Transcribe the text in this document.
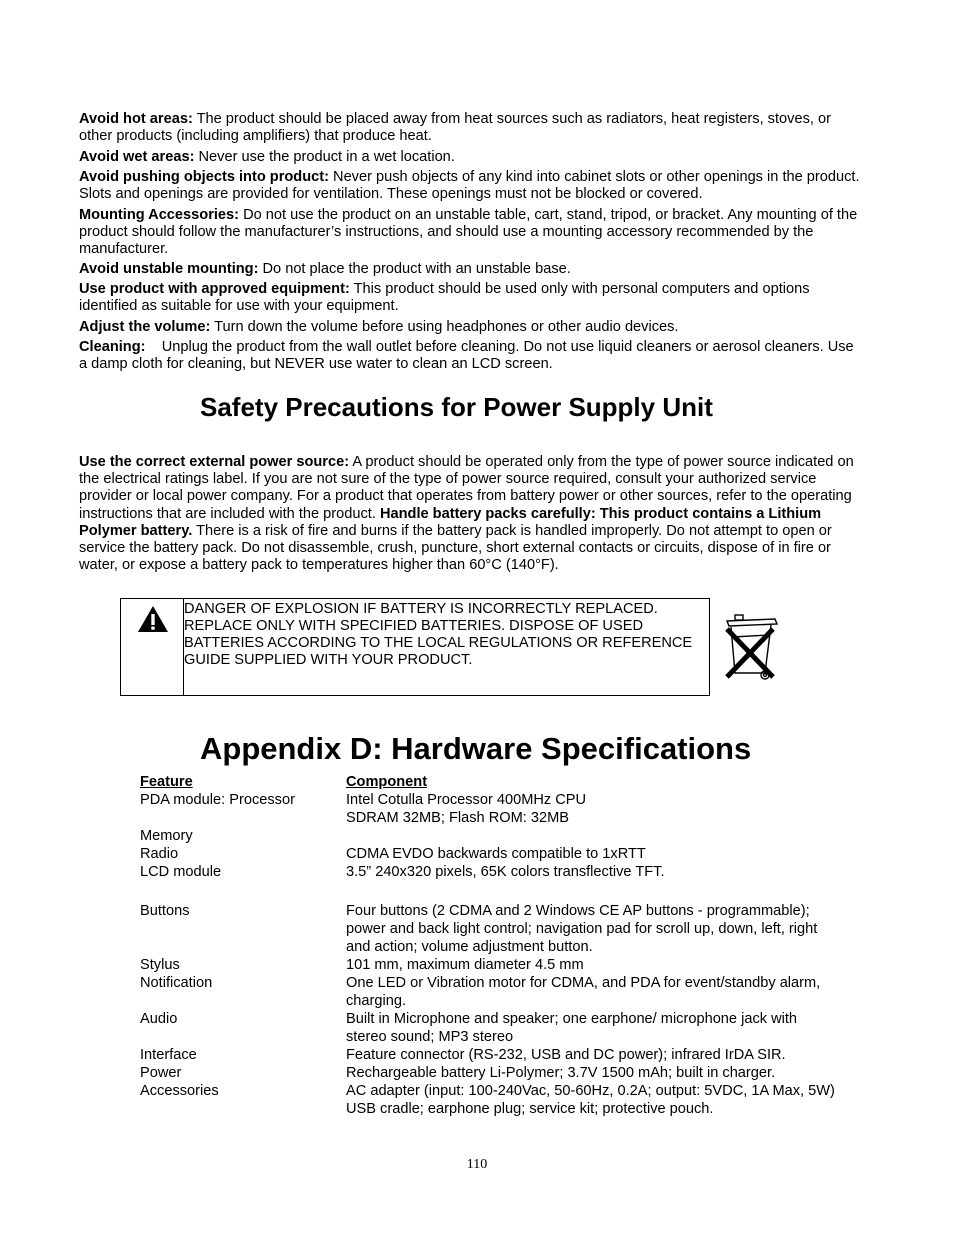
Avoid hot areas: The product should be placed away from heat sources such as radiators, heat registers, stoves, or other products (including amplifiers) that produce heat.
Avoid wet areas: Never use the product in a wet location.
Avoid pushing objects into product: Never push objects of any kind into cabinet slots or other openings in the product. Slots and openings are provided for ventilation. These openings must not be blocked or covered.
Mounting Accessories: Do not use the product on an unstable table, cart, stand, tripod, or bracket. Any mounting of the product should follow the manufacturer’s instructions, and should use a mounting accessory recommended by the manufacturer.
Avoid unstable mounting: Do not place the product with an unstable base.
Use product with approved equipment: This product should be used only with personal computers and options identified as suitable for use with your equipment.
Adjust the volume: Turn down the volume before using headphones or other audio devices.
Cleaning:    Unplug the product from the wall outlet before cleaning. Do not use liquid cleaners or aerosol cleaners. Use a damp cloth for cleaning, but NEVER use water to clean an LCD screen.
Safety Precautions for Power Supply Unit
Use the correct external power source: A product should be operated only from the type of power source indicated on the electrical ratings label. If you are not sure of the type of power source required, consult your authorized service provider or local power company. For a product that operates from battery power or other sources, refer to the operating instructions that are included with the product. Handle battery packs carefully: This product contains a Lithium Polymer battery. There is a risk of fire and burns if the battery pack is handled improperly. Do not attempt to open or service the battery pack. Do not disassemble, crush, puncture, short external contacts or circuits, dispose of in fire or water, or expose a battery pack to temperatures higher than 60°C (140°F).
DANGER OF EXPLOSION IF BATTERY IS INCORRECTLY REPLACED. REPLACE ONLY WITH SPECIFIED BATTERIES. DISPOSE OF USED BATTERIES ACCORDING TO THE LOCAL REGULATIONS OR REFERENCE GUIDE SUPPLIED WITH YOUR PRODUCT.
Appendix D: Hardware Specifications
Feature	Component
PDA module: Processor	Intel Cotulla Processor 400MHz CPU
SDRAM 32MB; Flash ROM: 32MB
Memory
Radio	CDMA EVDO backwards compatible to 1xRTT
LCD module	3.5” 240x320 pixels, 65K colors transflective TFT.
Buttons	Four buttons (2 CDMA and 2 Windows CE AP buttons - programmable); power and back light control; navigation pad for scroll up, down, left, right and action; volume adjustment button.
Stylus	101 mm, maximum diameter 4.5 mm
Notification	One LED or Vibration motor for CDMA, and PDA for event/standby alarm, charging.
Audio	Built in Microphone and speaker; one earphone/ microphone jack with stereo sound; MP3 stereo
Interface	Feature connector (RS-232, USB and DC power); infrared IrDA SIR.
Power	Rechargeable battery Li-Polymer; 3.7V 1500 mAh; built in charger.
Accessories	AC adapter (input: 100-240Vac, 50-60Hz, 0.2A; output: 5VDC, 1A Max, 5W)
USB cradle; earphone plug; service kit; protective pouch.
110
